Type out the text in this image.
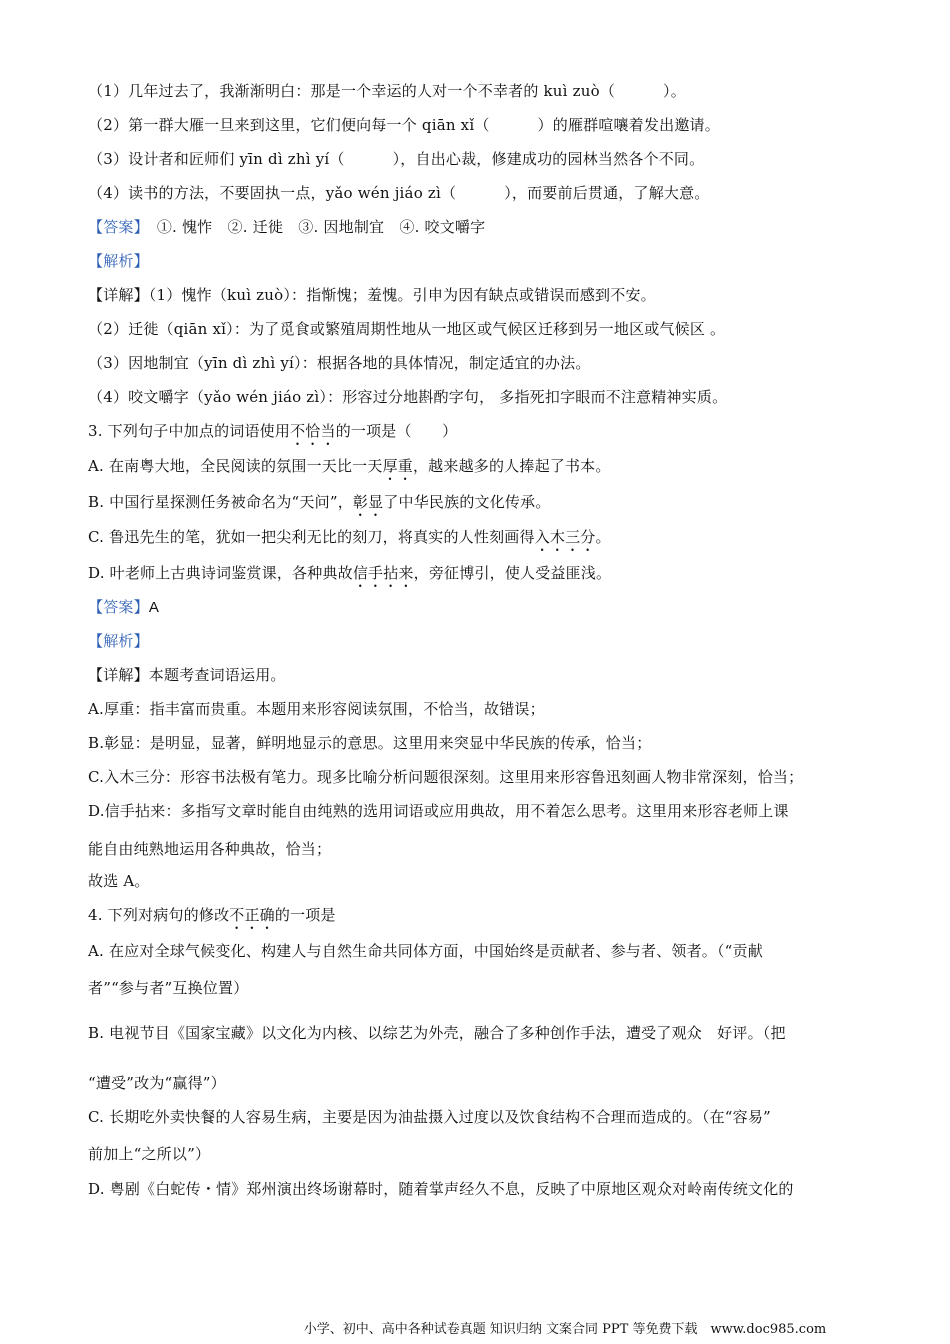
（1）几年过去了，我渐渐明白：那是一个幸运的人对一个不幸者的 kuì zuò（	）。
（2）第一群大雁一旦来到这里，它们便向每一个 qiān xǐ（	）的雁群喧嚷着发出邀请。
（3）设计者和匠师们 yīn dì zhì yí（	），自出心裁，修建成功的园林当然各个不同。
（4）读书的方法，不要固执一点，yǎo wén jiáo zì（	），而要前后贯通，了解大意。
【答案】 ①. 愧怍　②. 迁徙　③. 因地制宜　④. 咬文嚼字
【解析】
【详解】（1）愧怍（kuì zuò）：指惭愧；羞愧。引申为因有缺点或错误而感到不安。
（2）迁徙（qiān xǐ）：为了觅食或繁殖周期性地从一地区或气候区迁移到另一地区或气候区 。
（3）因地制宜（yīn dì zhì yí）：根据各地的具体情况，制定适宜的办法。
（4）咬文嚼字（yǎo wén jiáo zì）：形容过分地斟酌字句， 多指死扣字眼而不注意精神实质。
3. 下列句子中加点的词语使用不恰当的一项是（　　）
A. 在南粤大地，全民阅读的氛围一天比一天厚重，越来越多的人捧起了书本。
B. 中国行星探测任务被命名为“天问”，彰显了中华民族的文化传承。
C. 鲁迅先生的笔，犹如一把尖利无比的刻刀，将真实的人性刻画得入木三分。
D. 叶老师上古典诗词鉴赏课，各种典故信手拈来，旁征博引，使人受益匪浅。
【答案】A
【解析】
【详解】本题考查词语运用。
A.厚重：指丰富而贵重。本题用来形容阅读氛围，不恰当，故错误；
B.彰显：是明显，显著，鲜明地显示的意思。这里用来突显中华民族的传承，恰当；
C.入木三分：形容书法极有笔力。现多比喻分析问题很深刻。这里用来形容鲁迅刻画人物非常深刻，恰当；
D.信手拈来：多指写文章时能自由纯熟的选用词语或应用典故，用不着怎么思考。这里用来形容老师上课
能自由纯熟地运用各种典故，恰当；
故选 A。
4. 下列对病句的修改不正确的一项是
A. 在应对全球气候变化、构建人与自然生命共同体方面，中国始终是贡献者、参与者、领者。（“贡献
者”“参与者”互换位置）
B. 电视节目《国家宝藏》以文化为内核、以综艺为外壳，融合了多种创作手法，遭受了观众　好评。（把
“遭受”改为“赢得”）
C. 长期吃外卖快餐的人容易生病，主要是因为油盐摄入过度以及饮食结构不合理而造成的。（在“容易”
前加上“之所以”）
D. 粤剧《白蛇传・情》郑州演出终场谢幕时，随着掌声经久不息，反映了中原地区观众对岭南传统文化的
小学、初中、高中各种试卷真题 知识归纳 文案合同 PPT 等免费下载　www.doc985.com
